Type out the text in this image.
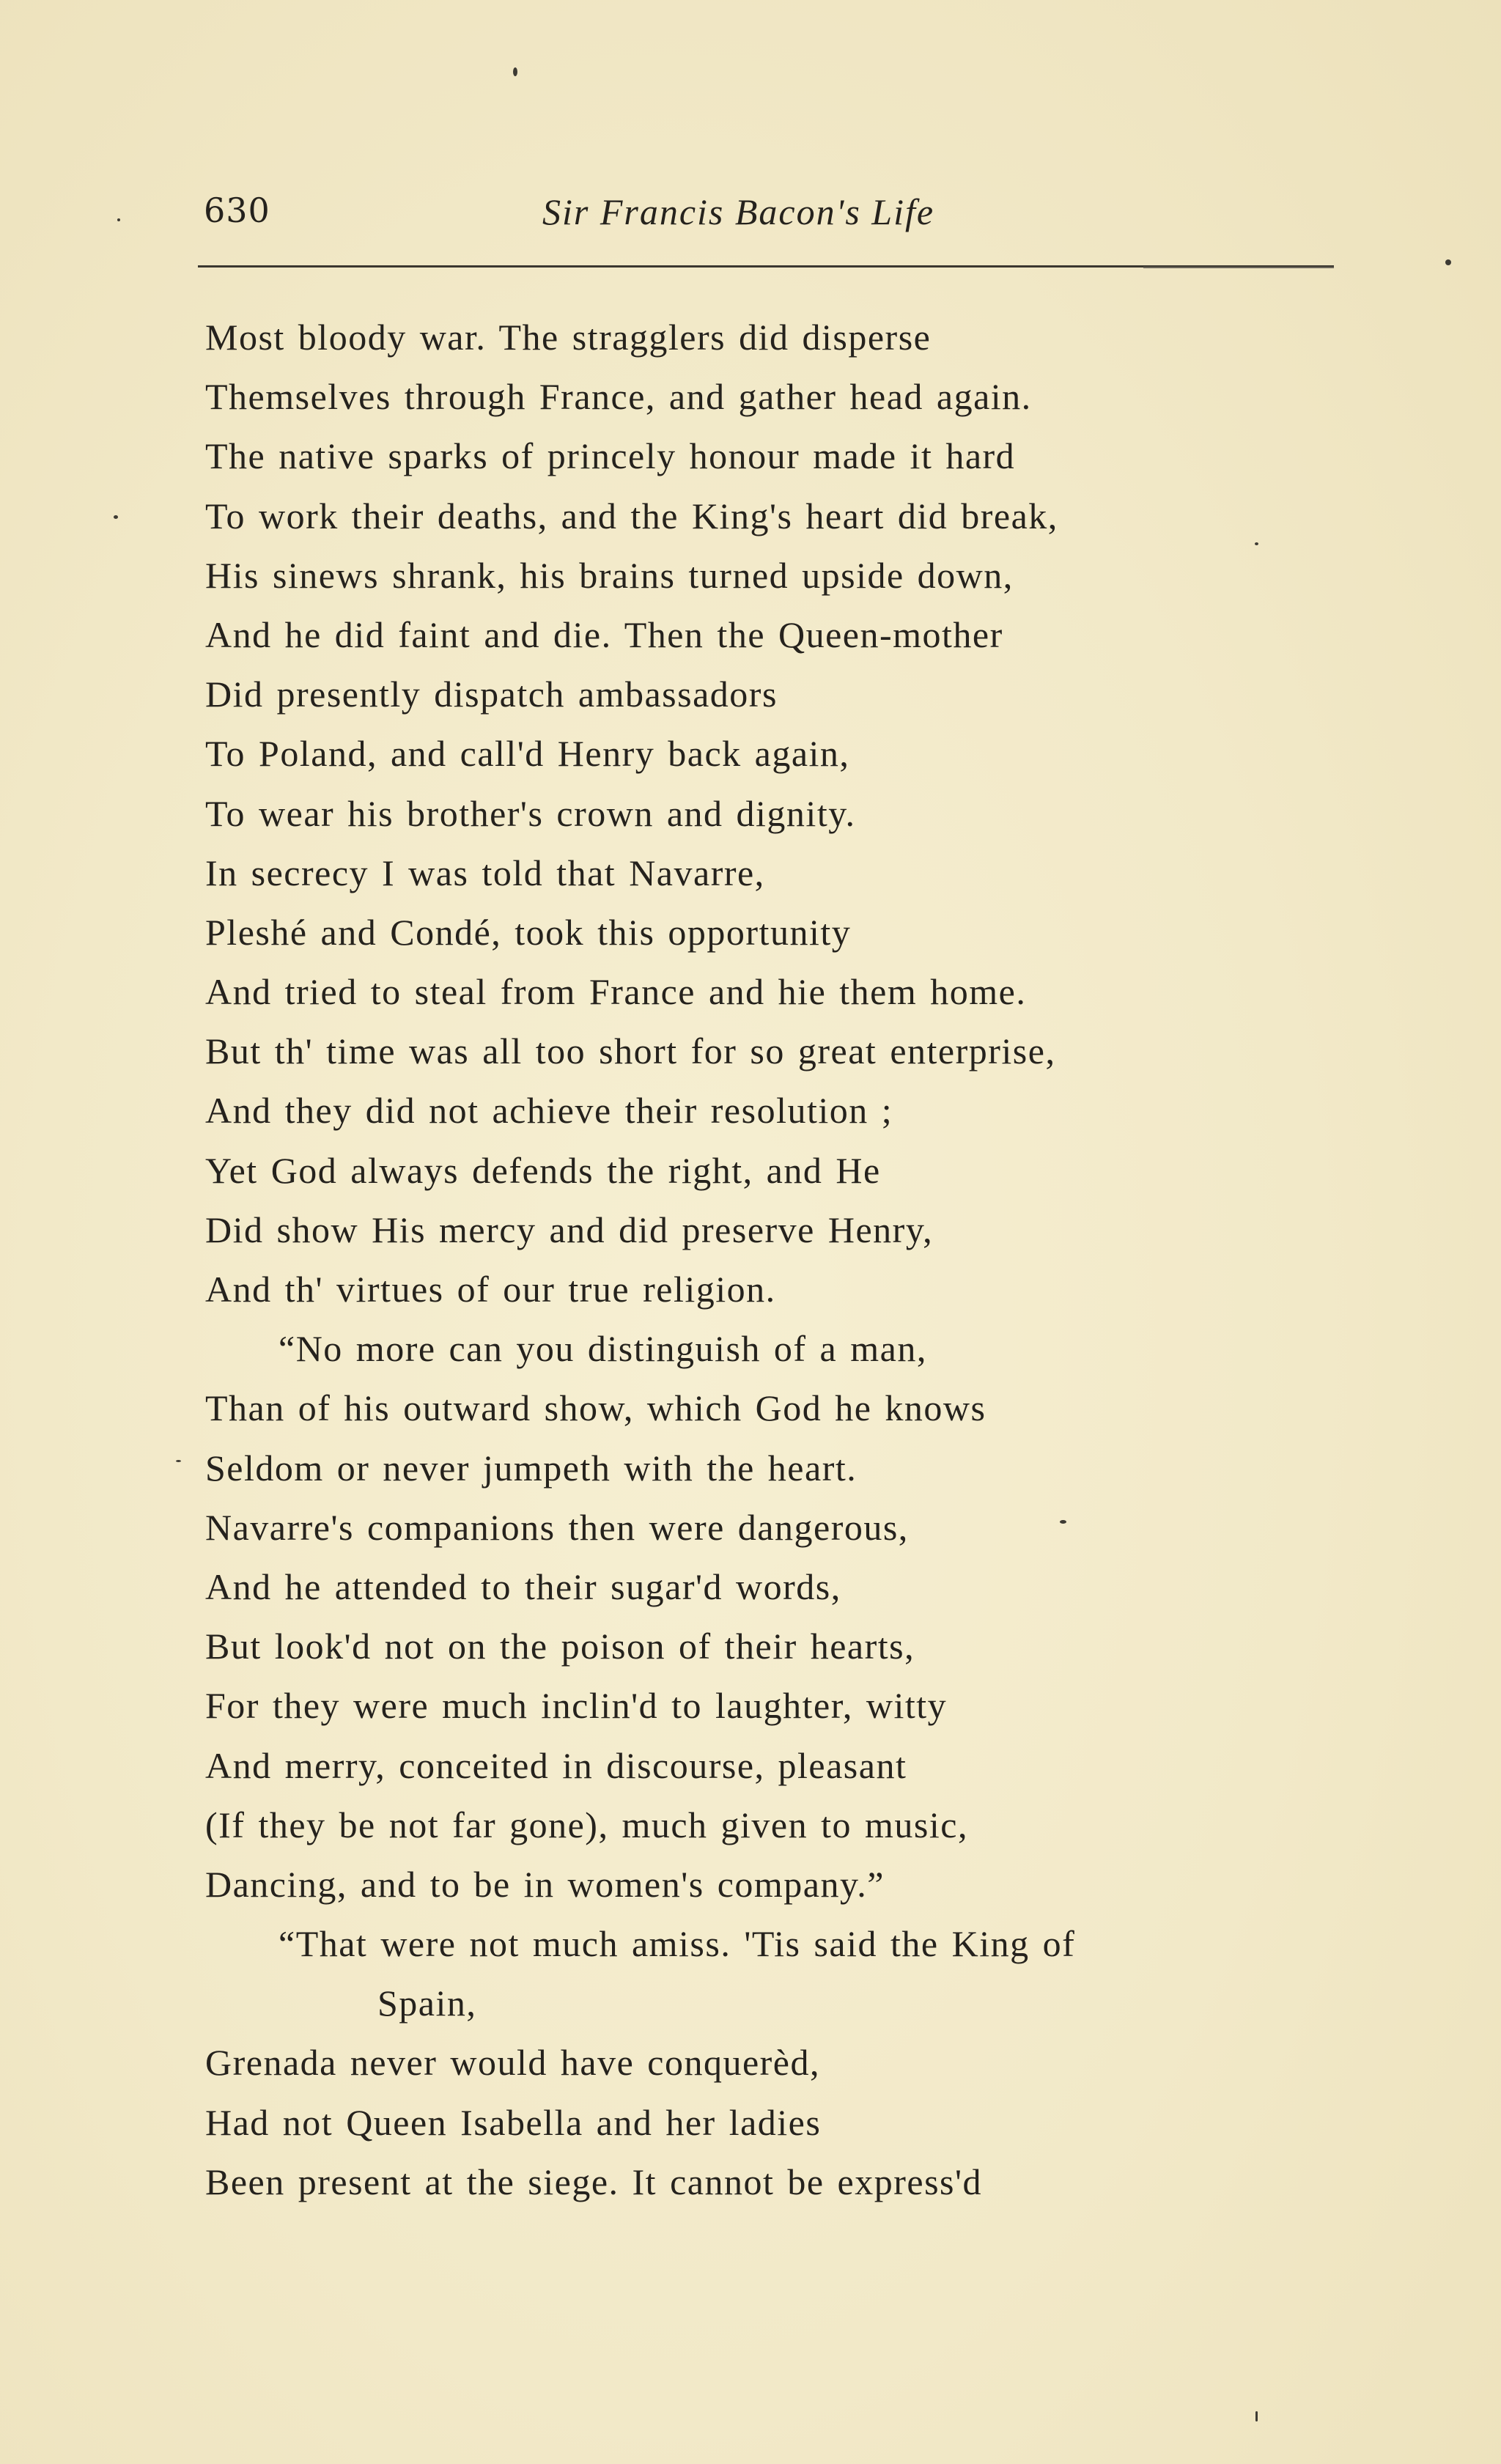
630	Sir Francis Bacon's Life
Most bloody war. The stragglers did disperse
Themselves through France, and gather head again.
The native sparks of princely honour made it hard
To work their deaths, and the King's heart did break,
His sinews shrank, his brains turned upside down,
And he did faint and die. Then the Queen-mother
Did presently dispatch ambassadors
To Poland, and call'd Henry back again,
To wear his brother's crown and dignity.
In secrecy I was told that Navarre,
Pleshé and Condé, took this opportunity
And tried to steal from France and hie them home.
But th' time was all too short for so great enterprise,
And they did not achieve their resolution ;
Yet God always defends the right, and He
Did show His mercy and did preserve Henry,
And th' virtues of our true religion.
“No more can you distinguish of a man,
Than of his outward show, which God he knows
Seldom or never jumpeth with the heart.
Navarre's companions then were dangerous,
And he attended to their sugar'd words,
But look'd not on the poison of their hearts,
For they were much inclin'd to laughter, witty
And merry, conceited in discourse, pleasant
(If they be not far gone), much given to music,
Dancing, and to be in women's company.”
“That were not much amiss. 'Tis said the King of
Spain,
Grenada never would have conquerèd,
Had not Queen Isabella and her ladies
Been present at the siege. It cannot be express'd
